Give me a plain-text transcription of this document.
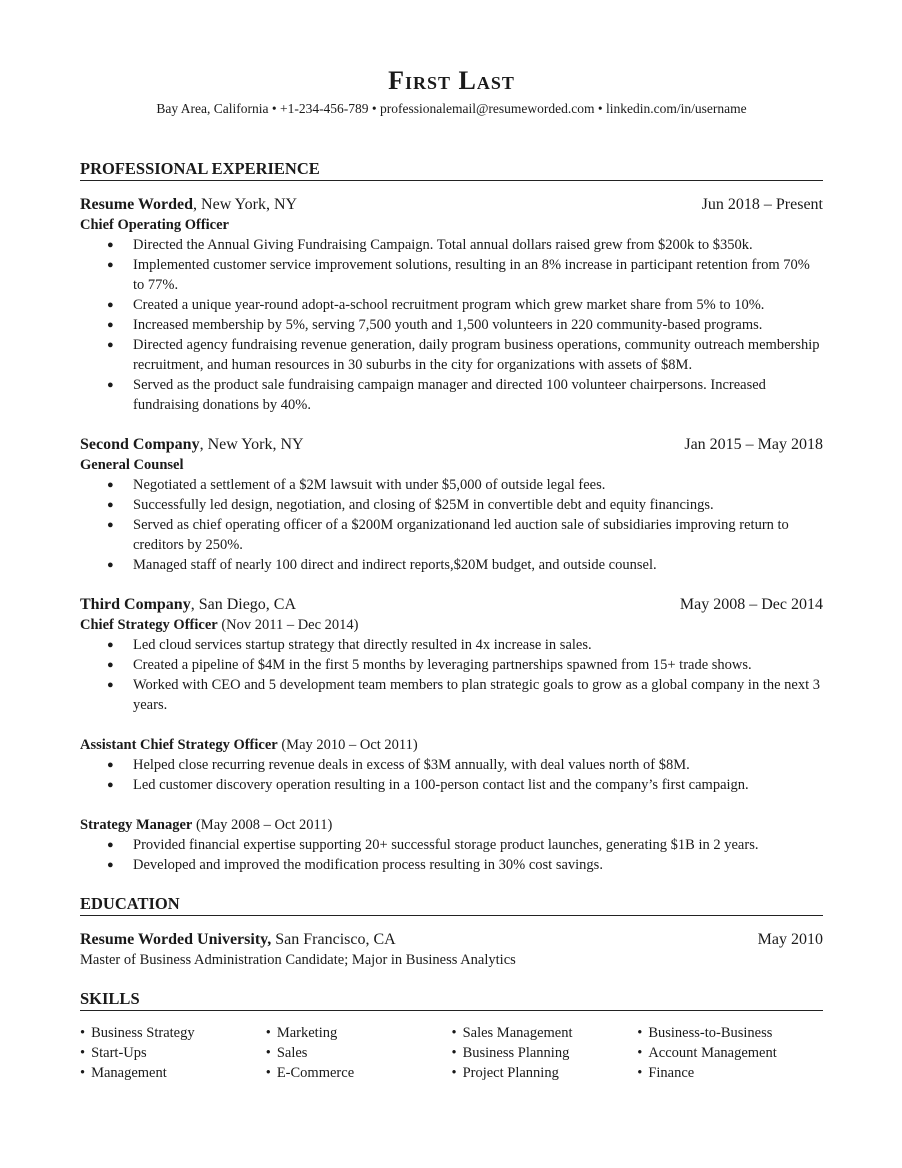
First Last
Bay Area, California • +1-234-456-789 • professionalemail@resumeworded.com • linkedin.com/in/username
PROFESSIONAL EXPERIENCE
Resume Worded, New York, NY	Jun 2018 – Present
Chief Operating Officer
● Directed the Annual Giving Fundraising Campaign. Total annual dollars raised grew from $200k to $350k.
● Implemented customer service improvement solutions, resulting in an 8% increase in participant retention from 70% to 77%.
● Created a unique year-round adopt-a-school recruitment program which grew market share from 5% to 10%.
● Increased membership by 5%, serving 7,500 youth and 1,500 volunteers in 220 community-based programs.
● Directed agency fundraising revenue generation, daily program business operations, community outreach membership recruitment, and human resources in 30 suburbs in the city for organizations with assets of $8M.
● Served as the product sale fundraising campaign manager and directed 100 volunteer chairpersons. Increased fundraising donations by 40%.
Second Company, New York, NY	Jan 2015 – May 2018
General Counsel
● Negotiated a settlement of a $2M lawsuit with under $5,000 of outside legal fees.
● Successfully led design, negotiation, and closing of $25M in convertible debt and equity financings.
● Served as chief operating officer of a $200M organizationand led auction sale of subsidiaries improving return to creditors by 250%.
● Managed staff of nearly 100 direct and indirect reports,$20M budget, and outside counsel.
Third Company, San Diego, CA	May 2008 – Dec 2014
Chief Strategy Officer (Nov 2011 – Dec 2014)
● Led cloud services startup strategy that directly resulted in 4x increase in sales.
● Created a pipeline of $4M in the first 5 months by leveraging partnerships spawned from 15+ trade shows.
● Worked with CEO and 5 development team members to plan strategic goals to grow as a global company in the next 3 years.
Assistant Chief Strategy Officer (May 2010 – Oct 2011)
● Helped close recurring revenue deals in excess of $3M annually, with deal values north of $8M.
● Led customer discovery operation resulting in a 100-person contact list and the company’s first campaign.
Strategy Manager (May 2008 – Oct 2011)
● Provided financial expertise supporting 20+ successful storage product launches, generating $1B in 2 years.
● Developed and improved the modification process resulting in 30% cost savings.
EDUCATION
Resume Worded University, San Francisco, CA	May 2010
Master of Business Administration Candidate; Major in Business Analytics
SKILLS
• Business Strategy
• Start-Ups
• Management
• Marketing
• Sales
• E-Commerce
• Sales Management
• Business Planning
• Project Planning
• Business-to-Business
• Account Management
• Finance
